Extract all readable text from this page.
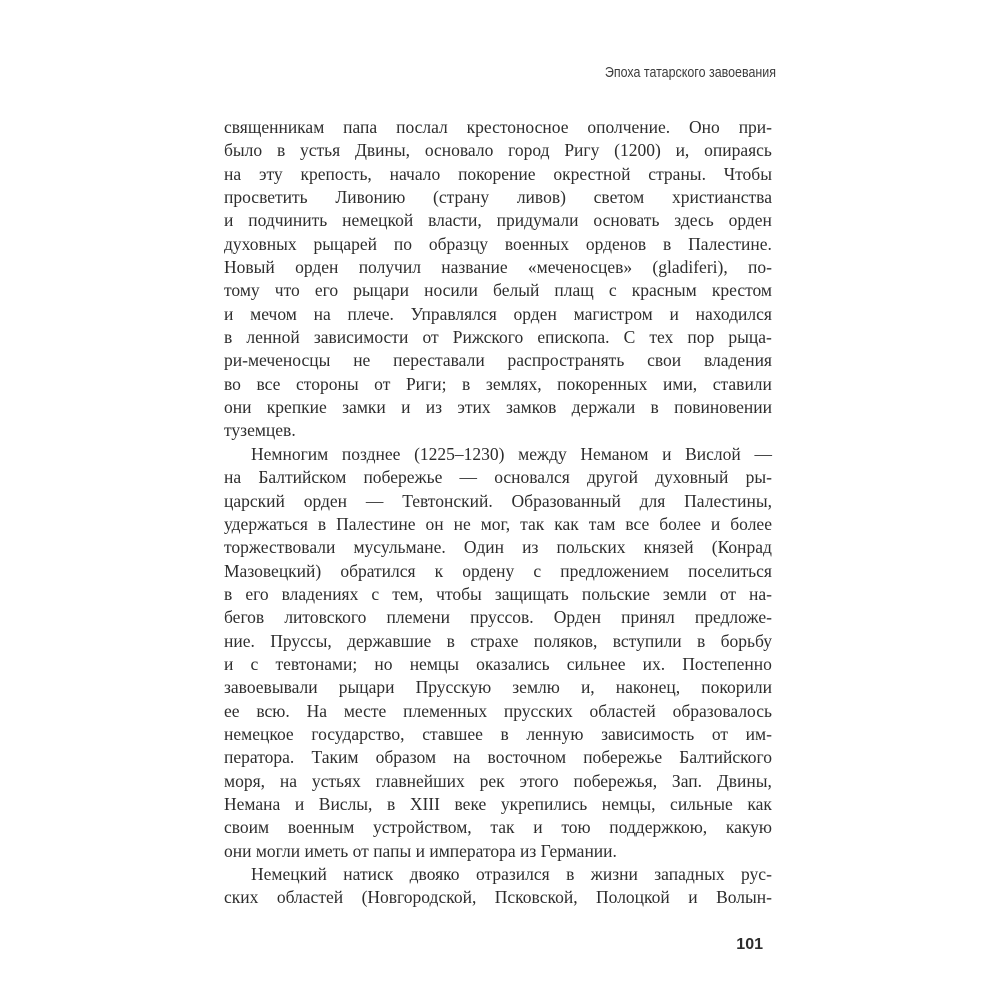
Эпоха татарского завоевания
священникам папа послал крестоносное ополчение. Оно при-
было в устья Двины, основало город Ригу (1200) и, опираясь
на эту крепость, начало покорение окрестной страны. Чтобы
просветить Ливонию (страну ливов) светом христианства
и подчинить немецкой власти, придумали основать здесь орден
духовных рыцарей по образцу военных орденов в Палестине.
Новый орден получил название «меченосцев» (gladiferi), по-
тому что его рыцари носили белый плащ с красным крестом
и мечом на плече. Управлялся орден магистром и находился
в ленной зависимости от Рижского епископа. С тех пор рыца-
ри-меченосцы не переставали распространять свои владения
во все стороны от Риги; в землях, покоренных ими, ставили
они крепкие замки и из этих замков держали в повиновении
туземцев.
Немногим позднее (1225–1230) между Неманом и Вислой —
на Балтийском побережье — основался другой духовный ры-
царский орден — Тевтонский. Образованный для Палестины,
удержаться в Палестине он не мог, так как там все более и более
торжествовали мусульмане. Один из польских князей (Конрад
Мазовецкий) обратился к ордену с предложением поселиться
в его владениях с тем, чтобы защищать польские земли от на-
бегов литовского племени пруссов. Орден принял предложе-
ние. Пруссы, державшие в страхе поляков, вступили в борьбу
и с тевтонами; но немцы оказались сильнее их. Постепенно
завоевывали рыцари Прусскую землю и, наконец, покорили
ее всю. На месте племенных прусских областей образовалось
немецкое государство, ставшее в ленную зависимость от им-
ператора. Таким образом на восточном побережье Балтийского
моря, на устьях главнейших рек этого побережья, Зап. Двины,
Немана и Вислы, в XIII веке укрепились немцы, сильные как
своим военным устройством, так и тою поддержкою, какую
они могли иметь от папы и императора из Германии.
Немецкий натиск двояко отразился в жизни западных рус-
ских областей (Новгородской, Псковской, Полоцкой и Волын-
101
